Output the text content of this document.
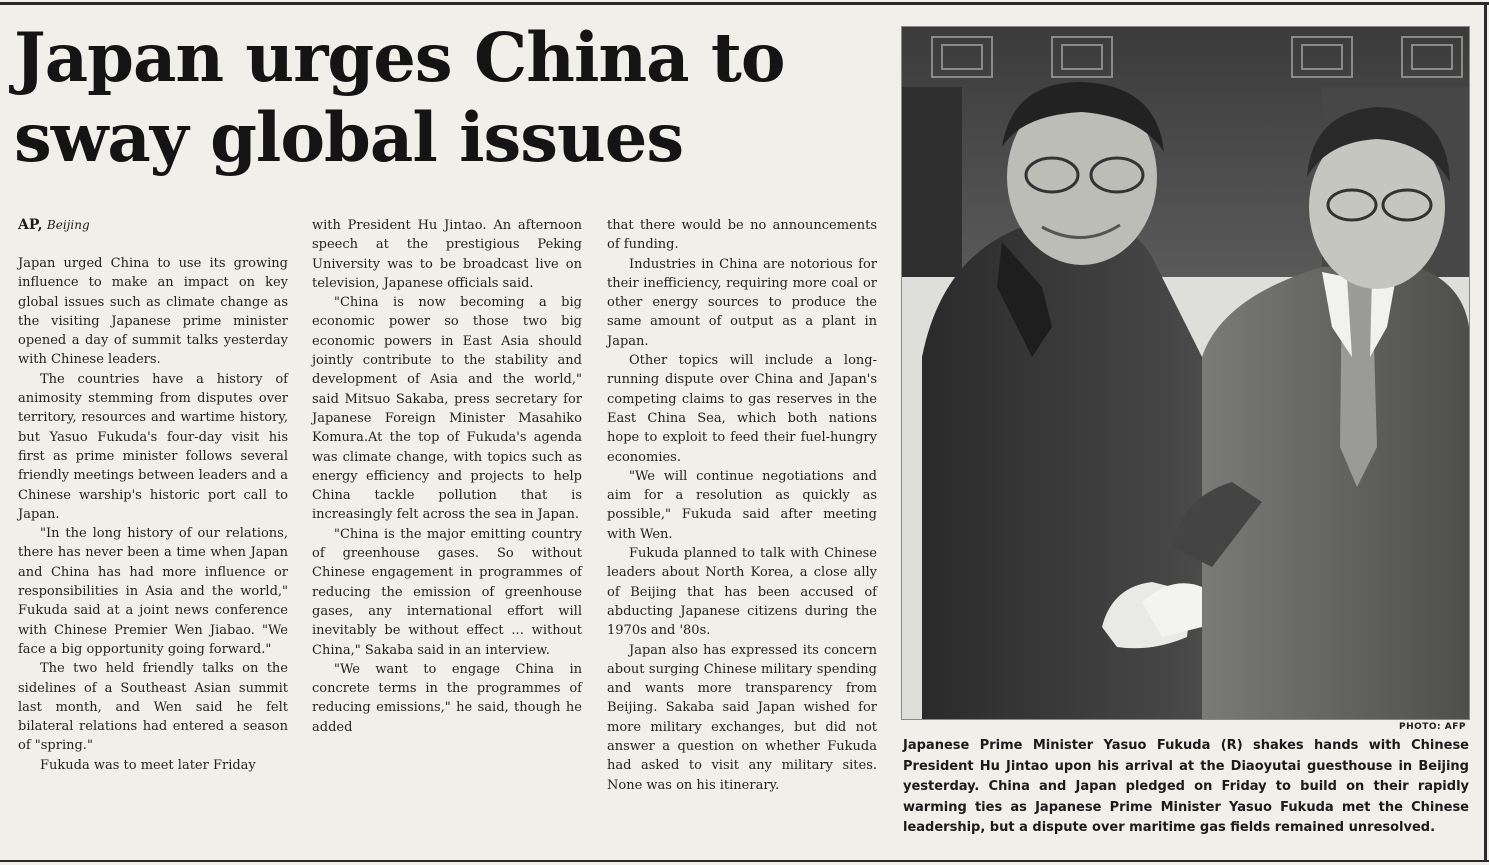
Japan urges China to
sway global issues
AP, Beijing

Japan urged China to use its growing influence to make an impact on key global issues such as climate change as the visiting Japanese prime minister opened a day of summit talks yesterday with Chinese leaders.

The countries have a history of animosity stemming from disputes over territory, resources and wartime history, but Yasuo Fukuda's four-day visit his first as prime minister follows several friendly meetings between leaders and a Chinese warship's historic port call to Japan.

"In the long history of our relations, there has never been a time when Japan and China has had more influence or responsibilities in Asia and the world," Fukuda said at a joint news conference with Chinese Premier Wen Jiabao. "We face a big opportunity going forward."

The two held friendly talks on the sidelines of a Southeast Asian summit last month, and Wen said he felt bilateral relations had entered a season of "spring."

Fukuda was to meet later Friday

with President Hu Jintao. An afternoon speech at the prestigious Peking University was to be broadcast live on television, Japanese officials said.

"China is now becoming a big economic power so those two big economic powers in East Asia should jointly contribute to the stability and development of Asia and the world," said Mitsuo Sakaba, press secretary for Japanese Foreign Minister Masahiko Komura.At the top of Fukuda's agenda was climate change, with topics such as energy efficiency and projects to help China tackle pollution that is increasingly felt across the sea in Japan.

"China is the major emitting country of greenhouse gases. So without Chinese engagement in programmes of reducing the emission of greenhouse gases, any international effort will inevitably be without effect ... without China," Sakaba said in an interview.

"We want to engage China in concrete terms in the programmes of reducing emissions," he said, though he added

that there would be no announcements of funding.

Industries in China are notorious for their inefficiency, requiring more coal or other energy sources to produce the same amount of output as a plant in Japan.

Other topics will include a long-running dispute over China and Japan's competing claims to gas reserves in the East China Sea, which both nations hope to exploit to feed their fuel-hungry economies.

"We will continue negotiations and aim for a resolution as quickly as possible," Fukuda said after meeting with Wen.

Fukuda planned to talk with Chinese leaders about North Korea, a close ally of Beijing that has been accused of abducting Japanese citizens during the 1970s and '80s.

Japan also has expressed its concern about surging Chinese military spending and wants more transparency from Beijing. Sakaba said Japan wished for more military exchanges, but did not answer a question on whether Fukuda had asked to visit any military sites. None was on his itinerary.

PHOTO: AFP
Japanese Prime Minister Yasuo Fukuda (R) shakes hands with Chinese President Hu Jintao upon his arrival at the Diaoyutai guesthouse in Beijing yesterday. China and Japan pledged on Friday to build on their rapidly warming ties as Japanese Prime Minister Yasuo Fukuda met the Chinese leadership, but a dispute over maritime gas fields remained unresolved.
